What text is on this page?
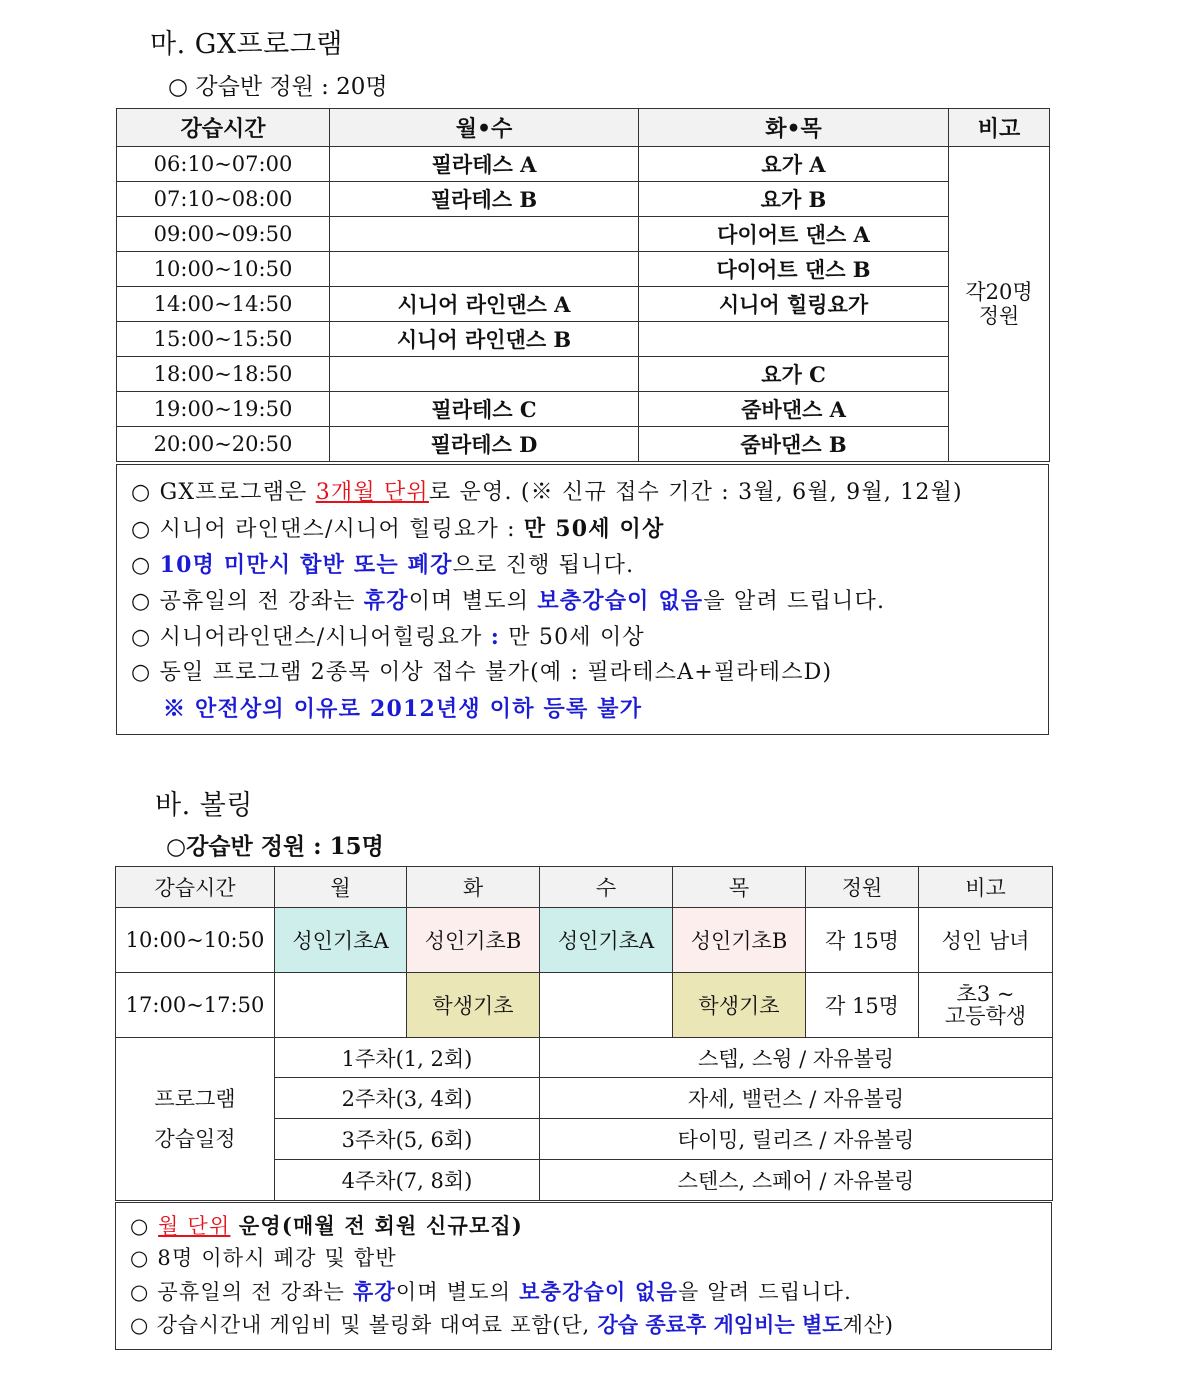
마. GX프로그램
○ 강습반 정원 : 20명
강습시간	월•수	화•목	비고
06:10~07:00	필라테스 A	요가 A	각20명
정원

07:10~08:00	필라테스 B	요가 B	
09:00~09:50		다이어트 댄스 A	
10:00~10:50		다이어트 댄스 B	
14:00~14:50	시니어 라인댄스 A	시니어 힐링요가	
15:00~15:50	시니어 라인댄스 B		
18:00~18:50		요가 C	
19:00~19:50	필라테스 C	줌바댄스 A	
20:00~20:50	필라테스 D	줌바댄스 B	
○ GX프로그램은 3개월 단위로 운영. (※ 신규 접수 기간 : 3월, 6월, 9월, 12월)
○ 시니어 라인댄스/시니어 힐링요가 : 만 50세 이상
○ 10명 미만시 합반 또는 폐강으로 진행 됩니다.
○ 공휴일의 전 강좌는 휴강이며 별도의 보충강습이 없음을 알려 드립니다.
○ 시니어라인댄스/시니어힐링요가 : 만 50세 이상
○ 동일 프로그램 2종목 이상 접수 불가(예 : 필라테스A+필라테스D)
※ 안전상의 이유로 2012년생 이하 등록 불가
바. 볼링
○강습반 정원 : 15명
강습시간	월	화	수	목	정원	비고
10:00~10:50	성인기초A	성인기초B	성인기초A	성인기초B	각 15명	성인 남녀
17:00~17:50		학생기초		학생기초	각 15명	초3 ~
고등학생

프로그램
강습일정	1주차(1, 2회)		스텝, 스윙 / 자유볼링			
	2주차(3, 4회)		자세, 밸런스 / 자유볼링			
	3주차(5, 6회)		타이밍, 릴리즈 / 자유볼링			
	4주차(7, 8회)		스텐스, 스페어 / 자유볼링			
○ 월 단위 운영(매월 전 회원 신규모집)
○ 8명 이하시 폐강 및 합반
○ 공휴일의 전 강좌는 휴강이며 별도의 보충강습이 없음을 알려 드립니다.
○ 강습시간내 게임비 및 볼링화 대여료 포함(단, 강습 종료후 게임비는 별도계산)
